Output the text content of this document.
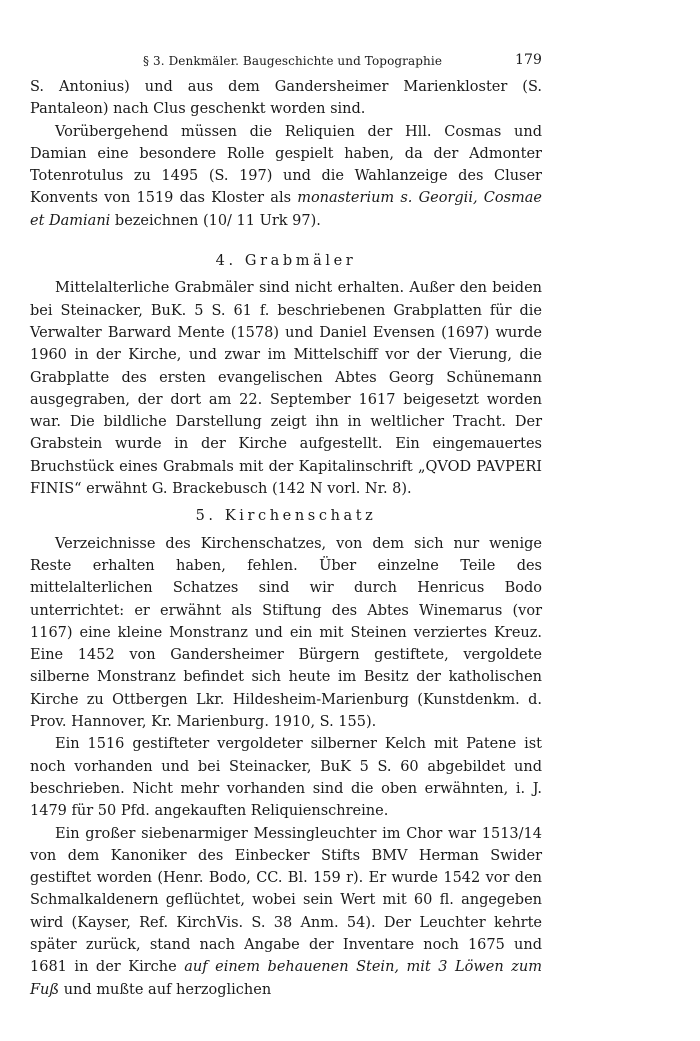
§ 3. Denkmäler. Baugeschichte und Topographie	179

S. Antonius) und aus dem Gandersheimer Marienkloster (S. Pantaleon) nach Clus geschenkt worden sind.

Vorübergehend müssen die Reliquien der Hll. Cosmas und Damian eine besondere Rolle gespielt haben, da der Admonter Totenrotulus zu 1495 (S. 197) und die Wahlanzeige des Cluser Konvents von 1519 das Kloster als monasterium s. Georgii, Cosmae et Damiani bezeichnen (10/ 11 Urk 97).

4. Grabmäler

Mittelalterliche Grabmäler sind nicht erhalten. Außer den beiden bei Steinacker, BuK. 5 S. 61 f. beschriebenen Grabplatten für die Verwalter Barward Mente (1578) und Daniel Evensen (1697) wurde 1960 in der Kirche, und zwar im Mittelschiff vor der Vierung, die Grabplatte des ersten evangelischen Abtes Georg Schünemann ausgegraben, der dort am 22. September 1617 beigesetzt worden war. Die bildliche Darstellung zeigt ihn in weltlicher Tracht. Der Grabstein wurde in der Kirche aufgestellt. Ein eingemauertes Bruchstück eines Grabmals mit der Kapitalinschrift „QVOD PAVPERI FINIS“ erwähnt G. Brackebusch (142 N vorl. Nr. 8).

5. Kirchenschatz

Verzeichnisse des Kirchenschatzes, von dem sich nur wenige Reste erhalten haben, fehlen. Über einzelne Teile des mittelalterlichen Schatzes sind wir durch Henricus Bodo unterrichtet: er erwähnt als Stiftung des Abtes Winemarus (vor 1167) eine kleine Monstranz und ein mit Steinen verziertes Kreuz. Eine 1452 von Gandersheimer Bürgern gestiftete, vergoldete silberne Monstranz befindet sich heute im Besitz der katholischen Kirche zu Ottbergen Lkr. Hildesheim-Marienburg (Kunstdenkm. d. Prov. Hannover, Kr. Marienburg. 1910, S. 155).

Ein 1516 gestifteter vergoldeter silberner Kelch mit Patene ist noch vorhanden und bei Steinacker, BuK 5 S. 60 abgebildet und beschrieben. Nicht mehr vorhanden sind die oben erwähnten, i. J. 1479 für 50 Pfd. angekauften Reliquienschreine.

Ein großer siebenarmiger Messingleuchter im Chor war 1513/14 von dem Kanoniker des Einbecker Stifts BMV Herman Swider gestiftet worden (Henr. Bodo, CC. Bl. 159 r). Er wurde 1542 vor den Schmalkaldenern geflüchtet, wobei sein Wert mit 60 fl. angegeben wird (Kayser, Ref. KirchVis. S. 38 Anm. 54). Der Leuchter kehrte später zurück, stand nach Angabe der Inventare noch 1675 und 1681 in der Kirche auf einem behauenen Stein, mit 3 Löwen zum Fuß und mußte auf herzoglichen
